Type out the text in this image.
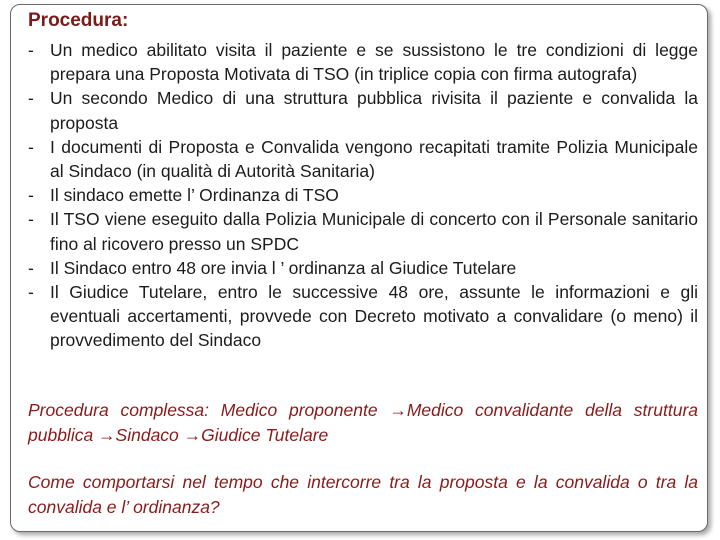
Procedura:
- Un medico abilitato visita il paziente e se sussistono le tre condizioni di legge prepara una Proposta Motivata di TSO (in triplice copia con firma autografa)
- Un secondo Medico di una struttura pubblica rivisita il paziente e convalida la proposta
- I documenti di Proposta e Convalida vengono recapitati tramite Polizia Municipale al Sindaco (in qualità di Autorità Sanitaria)
- Il sindaco emette l’ Ordinanza di TSO
- Il TSO viene eseguito dalla Polizia Municipale di concerto con il Personale sanitario fino al ricovero presso un SPDC
- Il Sindaco entro 48 ore invia l ’ ordinanza al Giudice Tutelare
- Il Giudice Tutelare, entro le successive 48 ore, assunte le informazioni e gli eventuali accertamenti, provvede con Decreto motivato a convalidare (o meno) il provvedimento del Sindaco

Procedura complessa: Medico proponente →Medico convalidante della struttura pubblica →Sindaco →Giudice Tutelare

Come comportarsi nel tempo che intercorre tra la proposta e la convalida o tra la convalida e l’ ordinanza?
